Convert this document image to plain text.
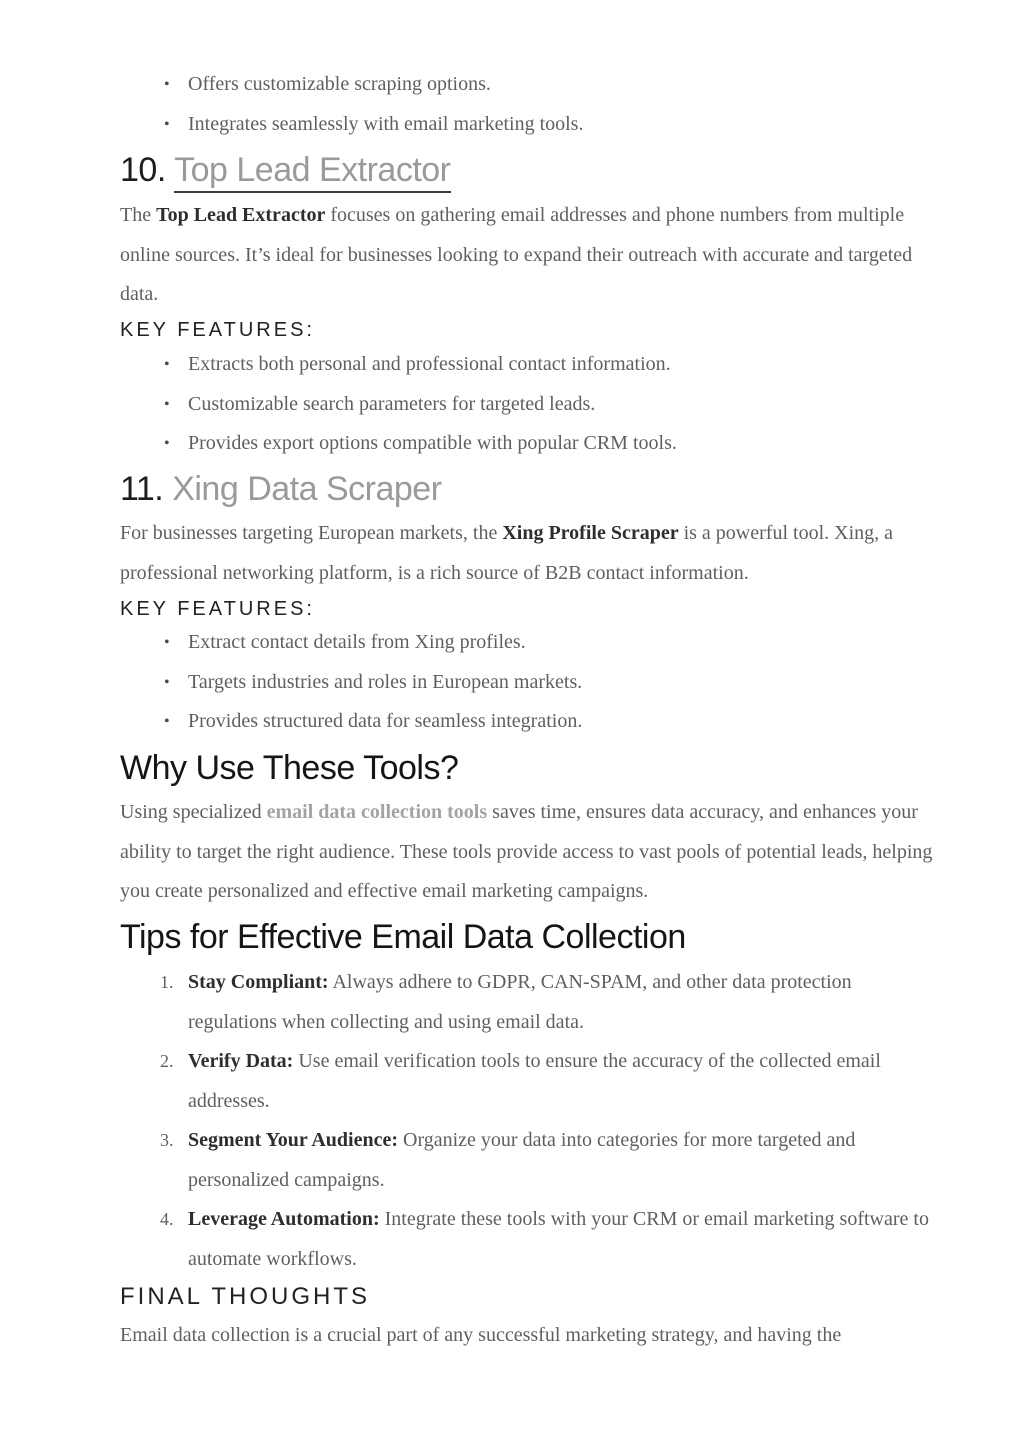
• Offers customizable scraping options.
• Integrates seamlessly with email marketing tools.
10. Top Lead Extractor

The Top Lead Extractor focuses on gathering email addresses and phone numbers from multiple online sources. It’s ideal for businesses looking to expand their outreach with accurate and targeted data.

KEY FEATURES:
• Extracts both personal and professional contact information.
• Customizable search parameters for targeted leads.
• Provides export options compatible with popular CRM tools.
11. Xing Data Scraper

For businesses targeting European markets, the Xing Profile Scraper is a powerful tool. Xing, a professional networking platform, is a rich source of B2B contact information.

KEY FEATURES:
• Extract contact details from Xing profiles.
• Targets industries and roles in European markets.
• Provides structured data for seamless integration.
Why Use These Tools?

Using specialized email data collection tools saves time, ensures data accuracy, and enhances your ability to target the right audience. These tools provide access to vast pools of potential leads, helping you create personalized and effective email marketing campaigns.

Tips for Effective Email Data Collection
1. Stay Compliant: Always adhere to GDPR, CAN-SPAM, and other data protection regulations when collecting and using email data.
2. Verify Data: Use email verification tools to ensure the accuracy of the collected email addresses.
3. Segment Your Audience: Organize your data into categories for more targeted and personalized campaigns.
4. Leverage Automation: Integrate these tools with your CRM or email marketing software to automate workflows.
FINAL THOUGHTS

Email data collection is a crucial part of any successful marketing strategy, and having the
